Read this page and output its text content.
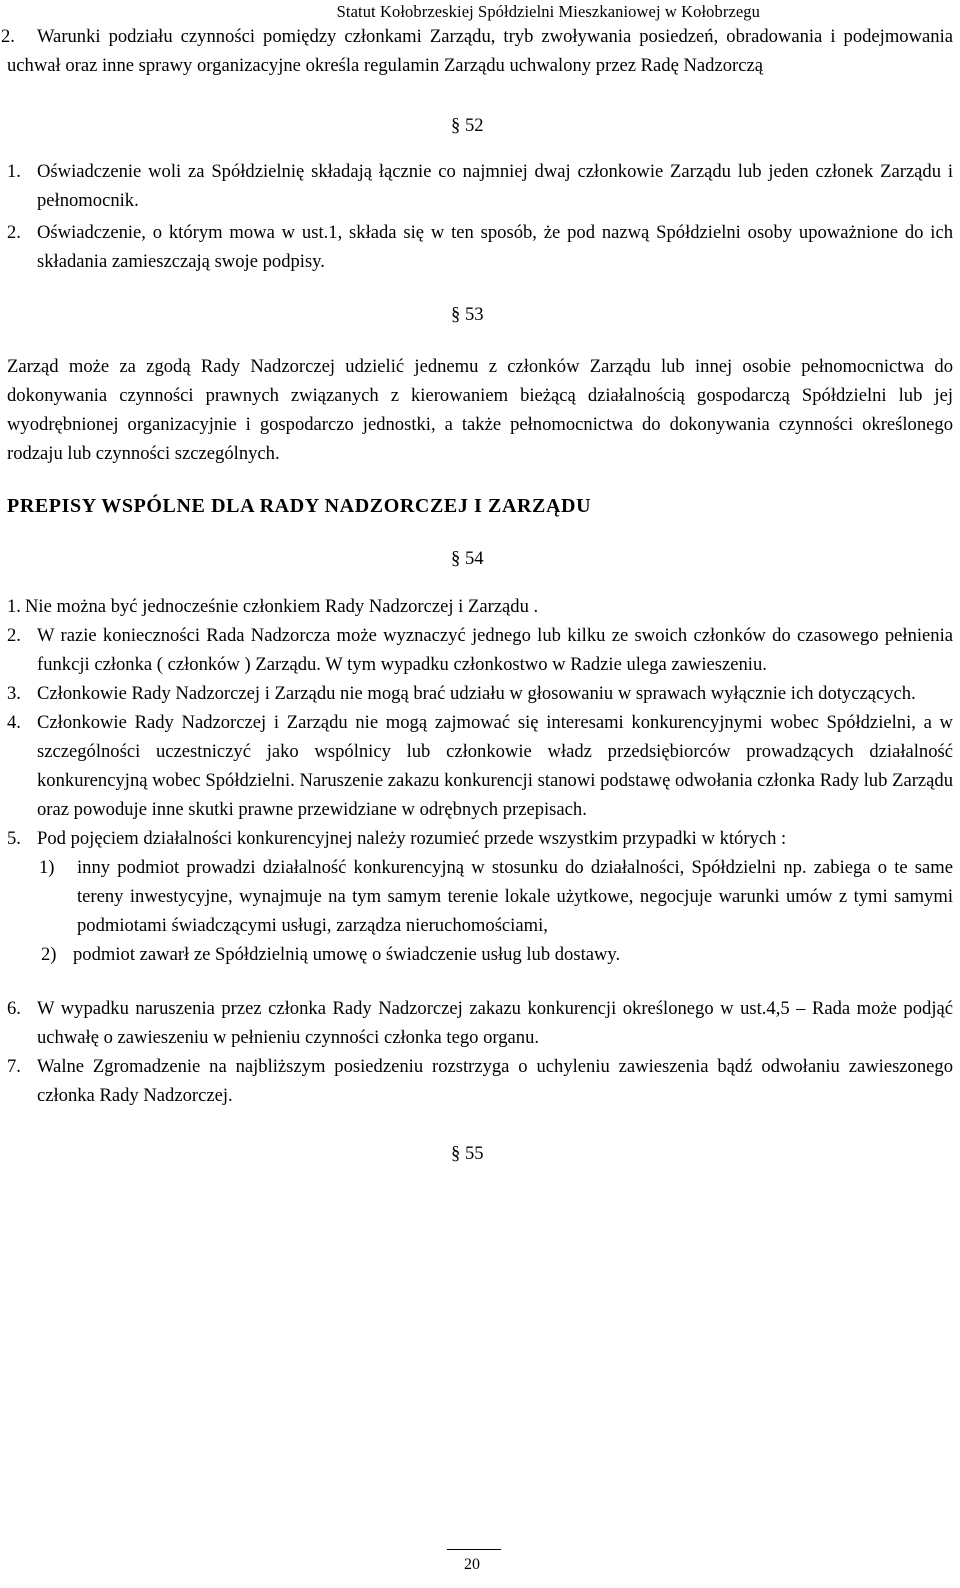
Statut Kołobrzeskiej Spółdzielni Mieszkaniowej w Kołobrzegu
2.	Warunki podziału czynności pomiędzy członkami Zarządu, tryb zwoływania posiedzeń, obradowania i podejmowania uchwał oraz inne sprawy organizacyjne określa regulamin Zarządu uchwalony przez Radę Nadzorczą
§ 52
1. Oświadczenie woli za Spółdzielnię składają łącznie co najmniej dwaj członkowie Zarządu lub jeden członek Zarządu i pełnomocnik.
2. Oświadczenie, o którym mowa w ust.1, składa się w ten sposób, że pod nazwą Spółdzielni osoby upoważnione do ich składania zamieszczają swoje podpisy.
§ 53
Zarząd może za zgodą Rady Nadzorczej udzielić jednemu z członków Zarządu lub innej osobie pełnomocnictwa do dokonywania czynności prawnych związanych z kierowaniem bieżącą działalnością gospodarczą Spółdzielni lub jej wyodrębnionej organizacyjnie i gospodarczo jednostki, a także pełnomocnictwa do dokonywania czynności określonego rodzaju lub czynności szczególnych.
PREPISY WSPÓLNE DLA RADY NADZORCZEJ I ZARZĄDU
§ 54
1. Nie można być jednocześnie członkiem Rady Nadzorczej i Zarządu .
2. W razie konieczności Rada Nadzorcza może wyznaczyć jednego lub kilku ze swoich członków do czasowego pełnienia funkcji członka ( członków ) Zarządu. W tym wypadku członkostwo w Radzie ulega zawieszeniu.
3. Członkowie Rady Nadzorczej i Zarządu nie mogą brać udziału w głosowaniu w sprawach wyłącznie ich dotyczących.
4. Członkowie Rady Nadzorczej i Zarządu nie mogą zajmować się interesami konkurencyjnymi wobec Spółdzielni, a w szczególności uczestniczyć jako wspólnicy lub członkowie władz przedsiębiorców prowadzących działalność konkurencyjną wobec Spółdzielni. Naruszenie zakazu konkurencji stanowi podstawę odwołania członka Rady lub Zarządu oraz powoduje inne skutki prawne przewidziane w odrębnych przepisach.
5. Pod pojęciem działalności konkurencyjnej należy rozumieć przede wszystkim przypadki w których :
1) inny podmiot prowadzi działalność konkurencyjną w stosunku do działalności, Spółdzielni np. zabiega o te same tereny inwestycyjne, wynajmuje na tym samym terenie lokale użytkowe, negocjuje warunki umów z tymi samymi podmiotami świadczącymi usługi, zarządza nieruchomościami,
2) podmiot zawarł ze Spółdzielnią umowę o świadczenie usług lub dostawy.
6. W wypadku naruszenia przez członka Rady Nadzorczej zakazu konkurencji określonego w ust.4,5 – Rada może podjąć uchwałę o zawieszeniu w pełnieniu czynności członka tego organu.
7. Walne Zgromadzenie na najbliższym posiedzeniu rozstrzyga o uchyleniu zawieszenia bądź odwołaniu zawieszonego członka Rady Nadzorczej.
§ 55
20
